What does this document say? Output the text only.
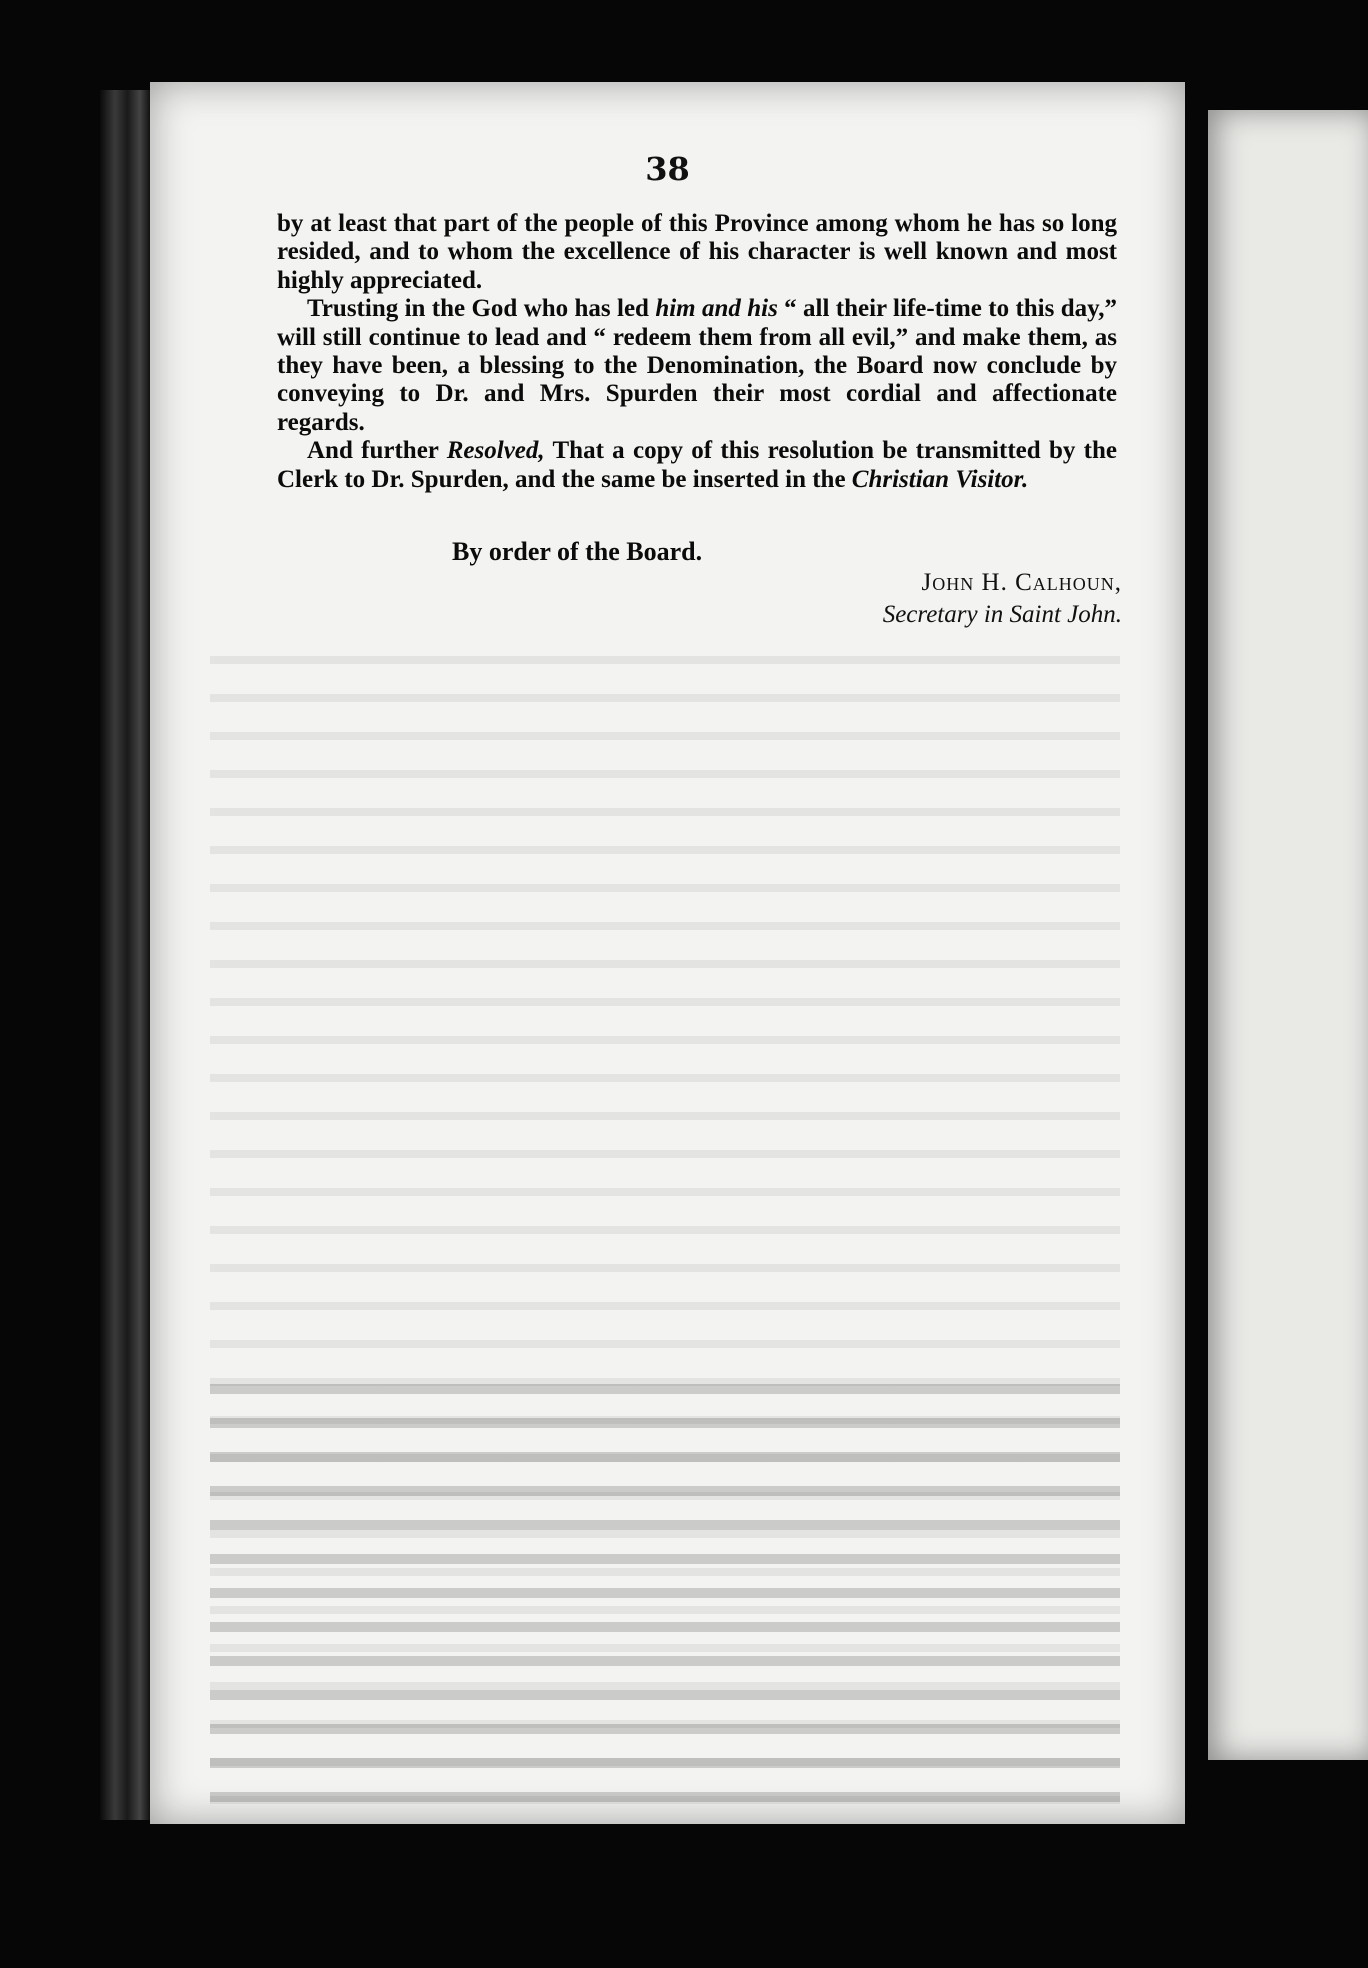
38

by at least that part of the people of this Province among whom he has so long resided, and to whom the excellence of his character is well known and most highly appreciated.

Trusting in the God who has led him and his “ all their life-time to this day,” will still continue to lead and “ redeem them from all evil,” and make them, as they have been, a blessing to the Denomination, the Board now conclude by conveying to Dr. and Mrs. Spurden their most cordial and affectionate regards.

And further Resolved, That a copy of this resolution be transmitted by the Clerk to Dr. Spurden, and the same be inserted in the Christian Visitor.

By order of the Board.
John H. Calhoun,
Secretary in Saint John.
